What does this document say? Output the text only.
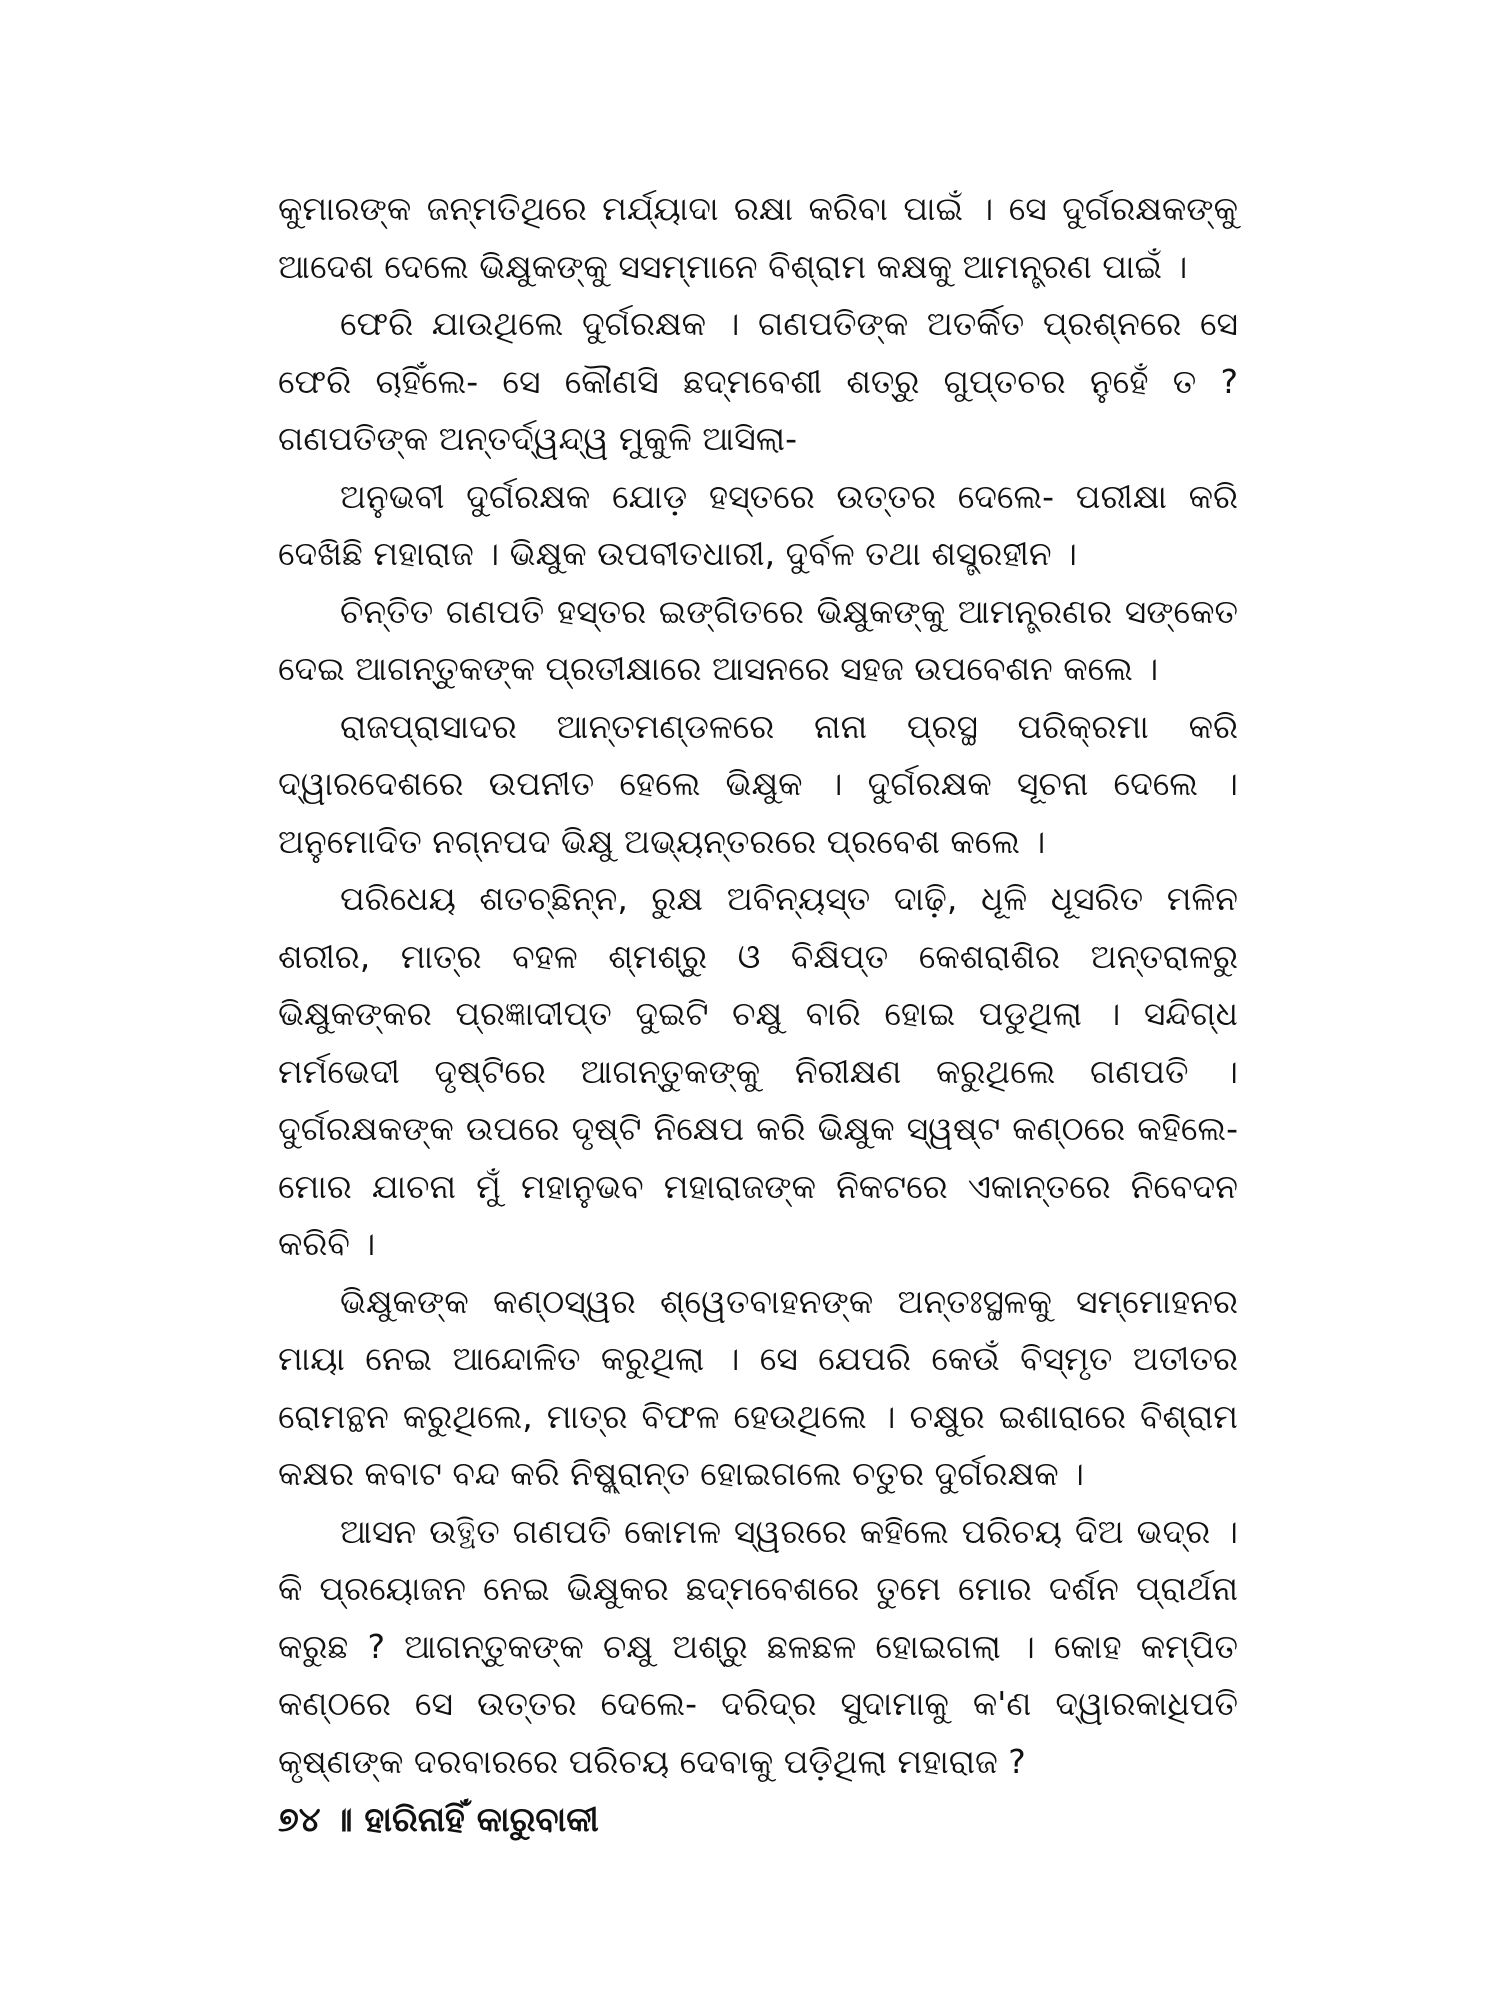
କୁମାରଙ୍କ ଜନ୍ମତିଥିରେ ମର୍ଯ୍ୟାଦା ରକ୍ଷା କରିବା ପାଇଁ । ସେ ଦୁର୍ଗରକ୍ଷକଙ୍କୁ ଆଦେଶ ଦେଲେ ଭିକ୍ଷୁକଙ୍କୁ ସସମ୍ମାନେ ବିଶ୍ରାମ କକ୍ଷକୁ ଆମନ୍ତ୍ରଣ ପାଇଁ ।

ଫେରି ଯାଉଥିଲେ ଦୁର୍ଗରକ୍ଷକ । ଗଣପତିଙ୍କ ଅତର୍କିତ ପ୍ରଶ୍ନରେ ସେ ଫେରି ଚାହିଁଲେ- ସେ କୌଣସି ଛଦ୍ମବେଶୀ ଶତ୍ରୁ ଗୁପ୍ତଚର ନୁହେଁ ତ ? ଗଣପତିଙ୍କ ଅନ୍ତର୍ଦ୍ୱନ୍ଦ୍ୱ ମୁକୁଳି ଆସିଲା-

ଅନୁଭବୀ ଦୁର୍ଗରକ୍ଷକ ଯୋଡ଼ ହସ୍ତରେ ଉତ୍ତର ଦେଲେ- ପରୀକ୍ଷା କରି ଦେଖିଛି ମହାରାଜ । ଭିକ୍ଷୁକ ଉପବୀତଧାରୀ, ଦୁର୍ବଳ ତଥା ଶସ୍ତ୍ରହୀନ ।

ଚିନ୍ତିତ ଗଣପତି ହସ୍ତର ଇଙ୍ଗିତରେ ଭିକ୍ଷୁକଙ୍କୁ ଆମନ୍ତ୍ରଣର ସଙ୍କେତ ଦେଇ ଆଗନ୍ତୁକଙ୍କ ପ୍ରତୀକ୍ଷାରେ ଆସନରେ ସହଜ ଉପବେଶନ କଲେ ।

ରାଜପ୍ରାସାଦର ଆନ୍ତମଣ୍ଡଳରେ ନାନା ପ୍ରସ୍ଥ ପରିକ୍ରମା କରି ଦ୍ୱାରଦେଶରେ ଉପନୀତ ହେଲେ ଭିକ୍ଷୁକ । ଦୁର୍ଗରକ୍ଷକ ସୂଚନା ଦେଲେ । ଅନୁମୋଦିତ ନଗ୍ନପଦ ଭିକ୍ଷୁ ଅଭ୍ୟନ୍ତରରେ ପ୍ରବେଶ କଲେ ।

ପରିଧେୟ ଶତଚ୍ଛିନ୍ନ, ରୁକ୍ଷ ଅବିନ୍ୟସ୍ତ ଦାଢ଼ି, ଧୂଳି ଧୂସରିତ ମଳିନ ଶରୀର, ମାତ୍ର ବହଳ ଶ୍ମଶ୍ରୁ ଓ ବିକ୍ଷିପ୍ତ କେଶରାଶିର ଅନ୍ତରାଳରୁ ଭିକ୍ଷୁକଙ୍କର ପ୍ରଜ୍ଞାଦୀପ୍ତ ଦୁଇଟି ଚକ୍ଷୁ ବାରି ହୋଇ ପଡୁଥିଲା । ସନ୍ଦିଗ୍ଧ ମର୍ମଭେଦୀ ଦୃଷ୍ଟିରେ ଆଗନ୍ତୁକଙ୍କୁ ନିରୀକ୍ଷଣ କରୁଥିଲେ ଗଣପତି । ଦୁର୍ଗରକ୍ଷକଙ୍କ ଉପରେ ଦୃଷ୍ଟି ନିକ୍ଷେପ କରି ଭିକ୍ଷୁକ ସ୍ୱଷ୍ଟ କଣ୍ଠରେ କହିଲେ- ମୋର ଯାଚନା ମୁଁ ମହାନୁଭବ ମହାରାଜଙ୍କ ନିକଟରେ ଏକାନ୍ତରେ ନିବେଦନ କରିବି ।

ଭିକ୍ଷୁକଙ୍କ କଣ୍ଠସ୍ୱର ଶ୍ୱେତବାହନଙ୍କ ଅନ୍ତଃସ୍ଥଳକୁ ସମ୍ମୋହନର ମାୟା ନେଇ ଆନ୍ଦୋଳିତ କରୁଥିଲା । ସେ ଯେପରି କେଉଁ ବିସ୍ମୃତ ଅତୀତର ରୋମନ୍ଥନ କରୁଥିଲେ, ମାତ୍ର ବିଫଳ ହେଉଥିଲେ । ଚକ୍ଷୁର ଇଶାରାରେ ବିଶ୍ରାମ କକ୍ଷର କବାଟ ବନ୍ଦ କରି ନିଷ୍କ୍ରାନ୍ତ ହୋଇଗଲେ ଚତୁର ଦୁର୍ଗରକ୍ଷକ ।

ଆସନ ଉତ୍ଥିତ ଗଣପତି କୋମଳ ସ୍ୱରରେ କହିଲେ ପରିଚୟ ଦିଅ ଭଦ୍ର । କି ପ୍ରୟୋଜନ ନେଇ ଭିକ୍ଷୁକର ଛଦ୍ମବେଶରେ ତୁମେ ମୋର ଦର୍ଶନ ପ୍ରାର୍ଥନା କରୁଛ ? ଆଗନ୍ତୁକଙ୍କ ଚକ୍ଷୁ ଅଶ୍ରୁ ଛଳଛଳ ହୋଇଗଲା । କୋହ କମ୍ପିତ କଣ୍ଠରେ ସେ ଉତ୍ତର ଦେଲେ- ଦରିଦ୍ର ସୁଦାମାକୁ କ'ଣ ଦ୍ୱାରକାଧିପତି କୃଷ୍ଣଙ୍କ ଦରବାରରେ ପରିଚୟ ଦେବାକୁ ପଡ଼ିଥିଲା ମହାରାଜ ?

୭୪ ॥ ହାରିନାହିଁ କାରୁବାକୀ
